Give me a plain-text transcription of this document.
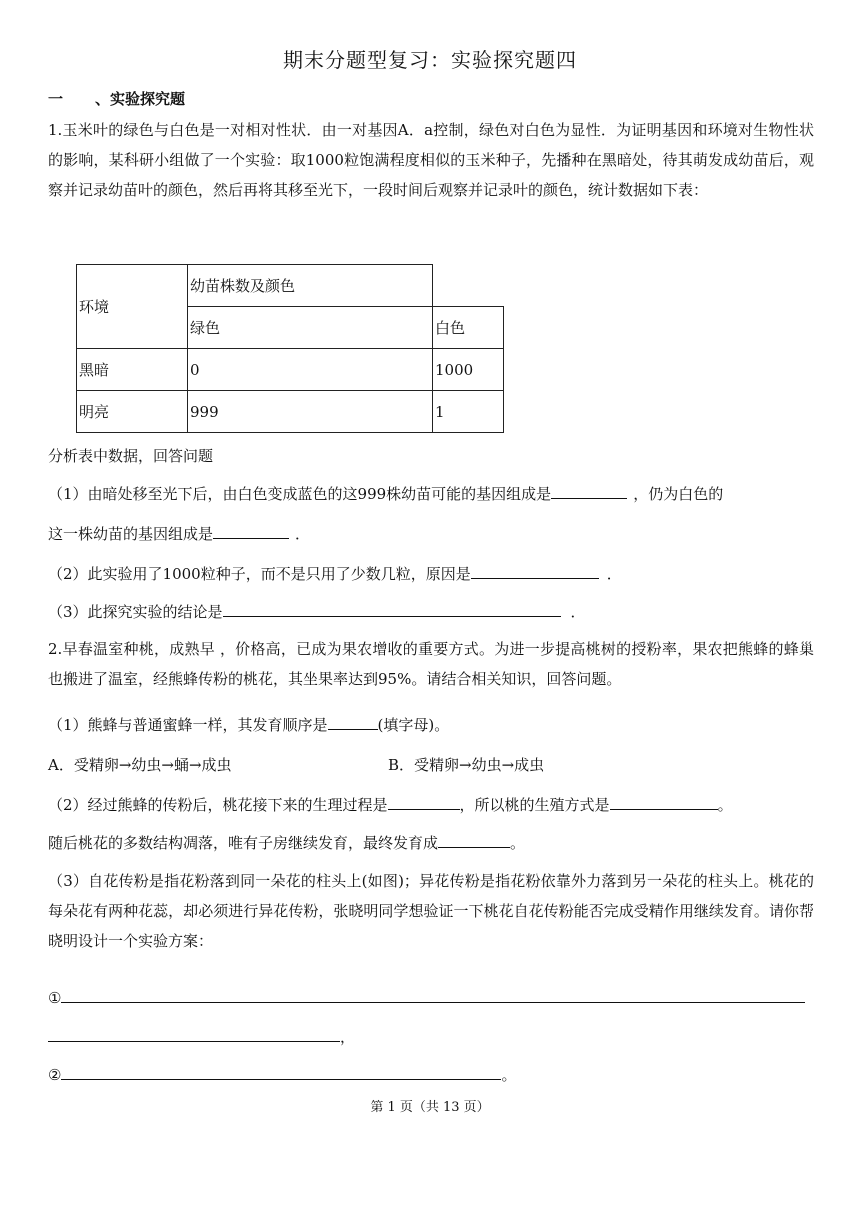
期末分题型复习：实验探究题四
一 、实验探究题
1.玉米叶的绿色与白色是一对相对性状．由一对基因A．a控制，绿色对白色为显性．为证明基因和环境对生物性状的影响，某科研小组做了一个实验：取1000粒饱满程度相似的玉米种子，先播种在黑暗处，待其萌发成幼苗后，观察并记录幼苗叶的颜色，然后再将其移至光下，一段时间后观察并记录叶的颜色，统计数据如下表：
环境	幼苗株数及颜色	
	绿色	白色
黑暗	0	1000
明亮	999	1
分析表中数据，回答问题
（1）由暗处移至光下后，由白色变成蓝色的这999株幼苗可能的基因组成是	，仍为白色的
这一株幼苗的基因组成是	．
（2）此实验用了1000粒种子，而不是只用了少数几粒，原因是	．
（3）此探究实验的结论是	．
2.早春温室种桃，成熟早 ，价格高，已成为果农增收的重要方式。为进一步提高桃树的授粉率，果农把熊蜂的蜂巢也搬进了温室，经熊蜂传粉的桃花，其坐果率达到95%。请结合相关知识，回答问题。
（1）熊蜂与普通蜜蜂一样，其发育顺序是	(填字母)。
A．受精卵→幼虫→蛹→成虫	B．受精卵→幼虫→成虫
（2）经过熊蜂的传粉后，桃花接下来的生理过程是	，所以桃的生殖方式是	。
随后桃花的多数结构凋落，唯有子房继续发育，最终发育成	。
（3）自花传粉是指花粉落到同一朵花的柱头上(如图)；异花传粉是指花粉依靠外力落到另一朵花的柱头上。桃花的每朵花有两种花蕊，却必须进行异花传粉，张晓明同学想验证一下桃花自花传粉能否完成受精作用继续发育。请你帮晓明设计一个实验方案：
①
，
②	。
第 1 页（共 13 页）
